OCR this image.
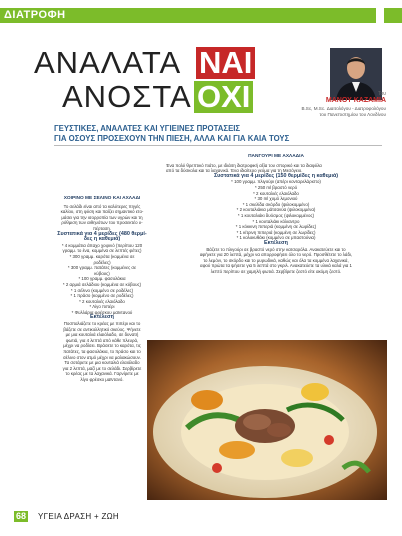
ΔΙΑΤΡΟΦΗ
ΑΝΑΛΑΤΑ ΝΑΙ
ΑΝΟΣΤΑ ΟΧΙ	Του
ΜΑΝΟΥ ΚΑΖΑΜΙΑ
B.Sc, M.Sc. Διαιτολόγου - Διατροφολόγου
του Πανεπιστημίου του Λονδίνου
ΓΕΥΣΤΙΚΕΣ, ΑΝΑΛΑΤΕΣ ΚΑΙ ΥΓΙΕΙΝΕΣ ΠΡΟΤΑΣΕΙΣ
ΓΙΑ ΟΣΟΥΣ ΠΡΟΣΕΧΟΥΝ ΤΗΝ ΠΙΕΣΗ, ΑΛΛΑ ΚΑΙ ΓΙΑ ΚΑΙΑ ΤΟΥΣ

ΠΑΝΓΟΥΡΙ ΜΕ ΑΧΛΑΔΙΑ

Ένα πολύ θρεπτικό πιάτο, με ιδιάιτη διατροφική αξία του σπορικό και τα διαφύλα

από τα δύσκολα και τα λαχανικά. Ένα ιδιαίτερο γεύμα για τη Μεσόγειο.

Συστατικά για 4 μερίδες (150 θερμίδες η καθεμιά)

* 100 γραμμ. πλιγούρι (απέρι κονταρελάριστο)

* 250 ml βραστό νερό

* 2 κουταλιές ελαιόλαδο

* 30 ml χυμό λεμονιού

* 1 σκελίδα σκόρδο (ψιλοκομμένο)

* 2 κουταλιάκια μάτσανύα (ψιλοκομμένα)

* 1 κουταλιάκι δυόσμος (ψιλοκομμένος)

* 1 κουταλιάκι κόλιαντρο

* 1 κόκκινη πιπεριά (κομμένη σε λωρίδες)

* 1 κίτρινη πιπεριά (κομμένη σε λωρίδες)

* 1 κολοκυθάκι (κομμένο σε μπαστούνια)

Εκτέλεση

Βάζετε το πλιγούρι σε βραστό νερό στην κατσαρόλα. Ανακατεύετε και το

αφήνετε για 20 λεπτά, μέχρι να απορροφήσει όλο το νερό. Προσθέτετε το λάδι,

το λεμόνι, το σκόρδο και το μυρωδικά, καθώς και όλα τα κομμένα λαχανικά,

αφού πρώτα τα ψήσετε για 5 λεπτά στο γκριλ. Ανακατεύετε τα υλικά καλά για 1

λεπτό περίπου σε χαμηλή φωτιά. Σερβίρετε ζεστό είτε ακόμη ζεστό.

ΧΟΙΡΙΝΟ ΜΕ ΣΕΛΙΝΟ ΚΑΙ ΑΧΛΑΔΙ

Το σελάδι είναι από τα καλύτερες πηγές

καλίου, στη φύση και παίζει σημαντικό ετο-

μάσει για την ισορροπία των υγρών και τη

ρύθμιση των αιθηυότων του προσεκτέο υ-

πέρταση.

Συστατικά για 4 μερίδες (480 θερμί-

δες η καθεμιά)

* 4 κομμάτια άπαχο χοιρινό (περίπου 120

γραμμ. το ένα, κομμένα σε λεπτές φέτες)

* 300 γραμμ. καρότα (κομμένα σε

ροδέλες)

* 300 γραμμ. πατάτες (κομμένες σε

κύβους)

* 100 γραμμ. φασολάκια

* 2 αρμιά σελάδιου (κομμένα σε κύβους)

* 1 σέλινο (κομμένο σε ροδέλες)

* 1 πράσο (κομμένο σε ροδέλες)

* 2 κουταλιές ελαιόλαδο

* Λίγο πιπέρι

* Φυλλάρια φρέσκου μαϊντανού

Εκτέλεση

Ποσπαλιάζετε το κρέας με πιπέρι και το

βάζετε σε αντικολλητικό σκεύος. Ψήνετε

με μια κουταλιά ελαιόλαδο, σε δυνατή

φωτιά, για 4 λεπτά από κάθε πλευρά,

μέχρι να ροδίσει. Βράσετε το καρότα, τις

πατάτες, τα φασολάκια, το πράσο και το

σέλινο στον ατμό μέχρι να μαλακώσουν.

Τα σοτάρετε με μια κουταλιά ελαιόλαδο

για 2 λεπτά, μαζί με το σελάδι. Σερβίρετε

το κρέας με τα λαχανικά. Γαρνίρετε με

λίγο φρέσκο μαϊντανό.

68 ΥΓΕΙΑ ΔΡΑΣΗ + ΖΩΗ
